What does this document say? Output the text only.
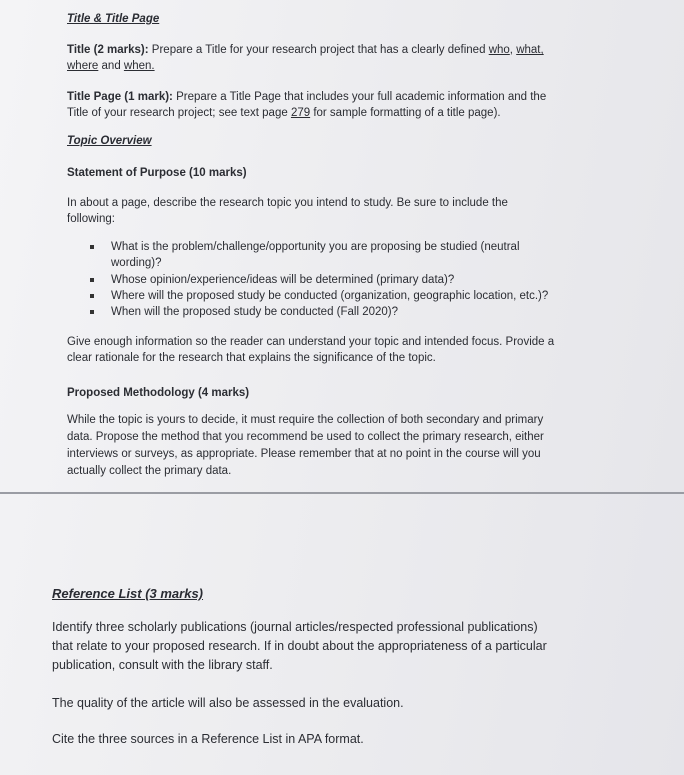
Title & Title Page
Title (2 marks): Prepare a Title for your research project that has a clearly defined who, what,
where and when.
Title Page (1 mark): Prepare a Title Page that includes your full academic information and the
Title of your research project; see text page 279 for sample formatting of a title page).
Topic Overview
Statement of Purpose (10 marks)
In about a page, describe the research topic you intend to study. Be sure to include the
following:
What is the problem/challenge/opportunity you are proposing be studied (neutral
wording)?
Whose opinion/experience/ideas will be determined (primary data)?
Where will the proposed study be conducted (organization, geographic location, etc.)?
When will the proposed study be conducted (Fall 2020)?
Give enough information so the reader can understand your topic and intended focus. Provide a
clear rationale for the research that explains the significance of the topic.
Proposed Methodology (4 marks)
While the topic is yours to decide, it must require the collection of both secondary and primary
data. Propose the method that you recommend be used to collect the primary research, either
interviews or surveys, as appropriate. Please remember that at no point in the course will you
actually collect the primary data.
Reference List (3 marks)
Identify three scholarly publications (journal articles/respected professional publications)
that relate to your proposed research. If in doubt about the appropriateness of a particular
publication, consult with the library staff.
The quality of the article will also be assessed in the evaluation.
Cite the three sources in a Reference List in APA format.
